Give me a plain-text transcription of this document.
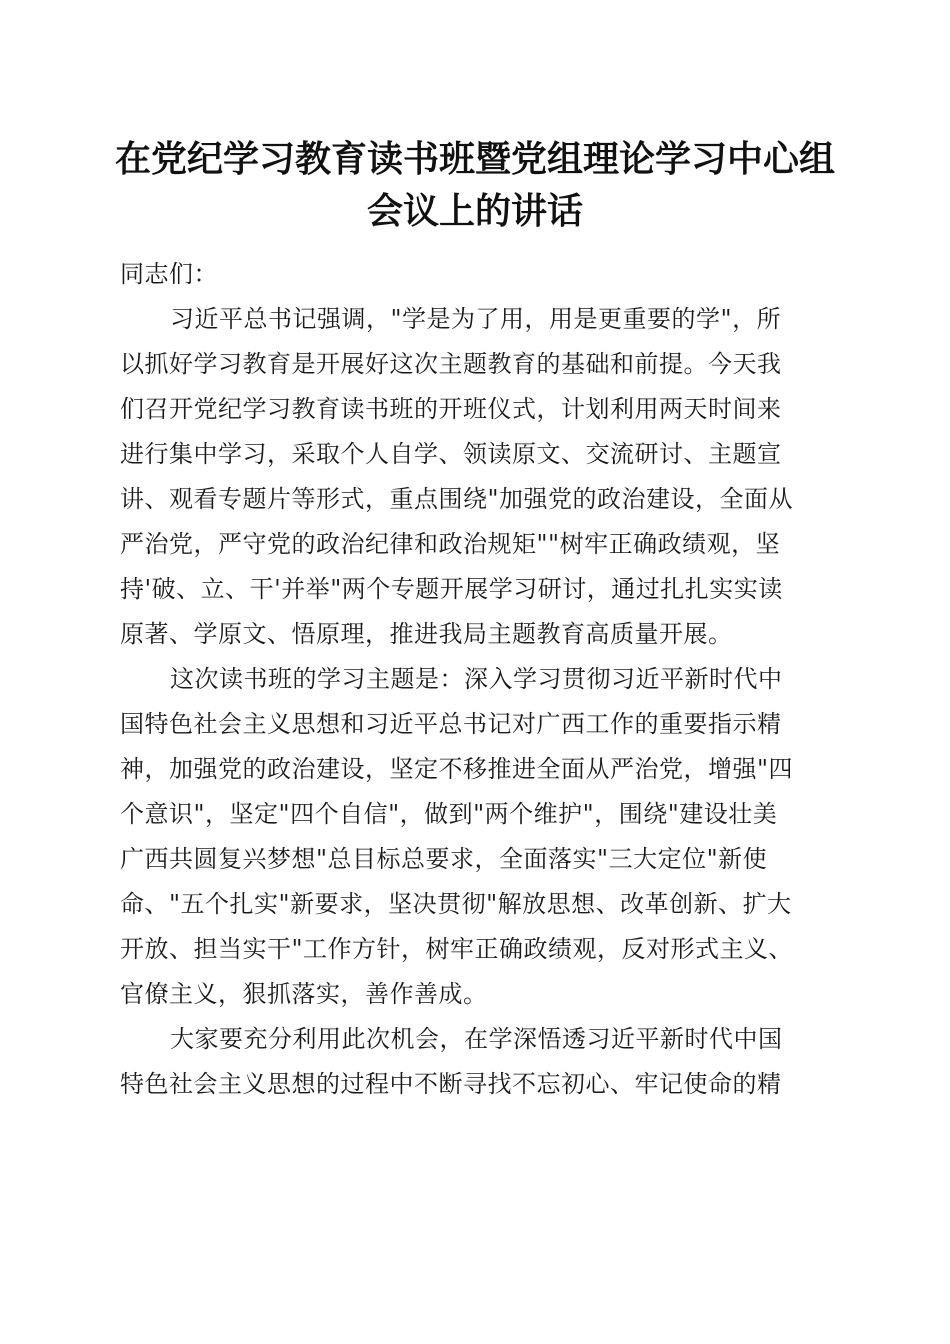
在党纪学习教育读书班暨党组理论学习中心组
会议上的讲话
同志们：
习近平总书记强调，"学是为了用，用是更重要的学"，所
以抓好学习教育是开展好这次主题教育的基础和前提。今天我
们召开党纪学习教育读书班的开班仪式，计划利用两天时间来
进行集中学习，采取个人自学、领读原文、交流研讨、主题宣
讲、观看专题片等形式，重点围绕"加强党的政治建设，全面从
严治党，严守党的政治纪律和政治规矩""树牢正确政绩观，坚
持'破、立、干'并举"两个专题开展学习研讨，通过扎扎实实读
原著、学原文、悟原理，推进我局主题教育高质量开展。
这次读书班的学习主题是：深入学习贯彻习近平新时代中
国特色社会主义思想和习近平总书记对广西工作的重要指示精
神，加强党的政治建设，坚定不移推进全面从严治党，增强"四
个意识"，坚定"四个自信"，做到"两个维护"，围绕"建设壮美
广西共圆复兴梦想"总目标总要求，全面落实"三大定位"新使
命、"五个扎实"新要求，坚决贯彻"解放思想、改革创新、扩大
开放、担当实干"工作方针，树牢正确政绩观，反对形式主义、
官僚主义，狠抓落实，善作善成。
大家要充分利用此次机会，在学深悟透习近平新时代中国
特色社会主义思想的过程中不断寻找不忘初心、牢记使命的精
